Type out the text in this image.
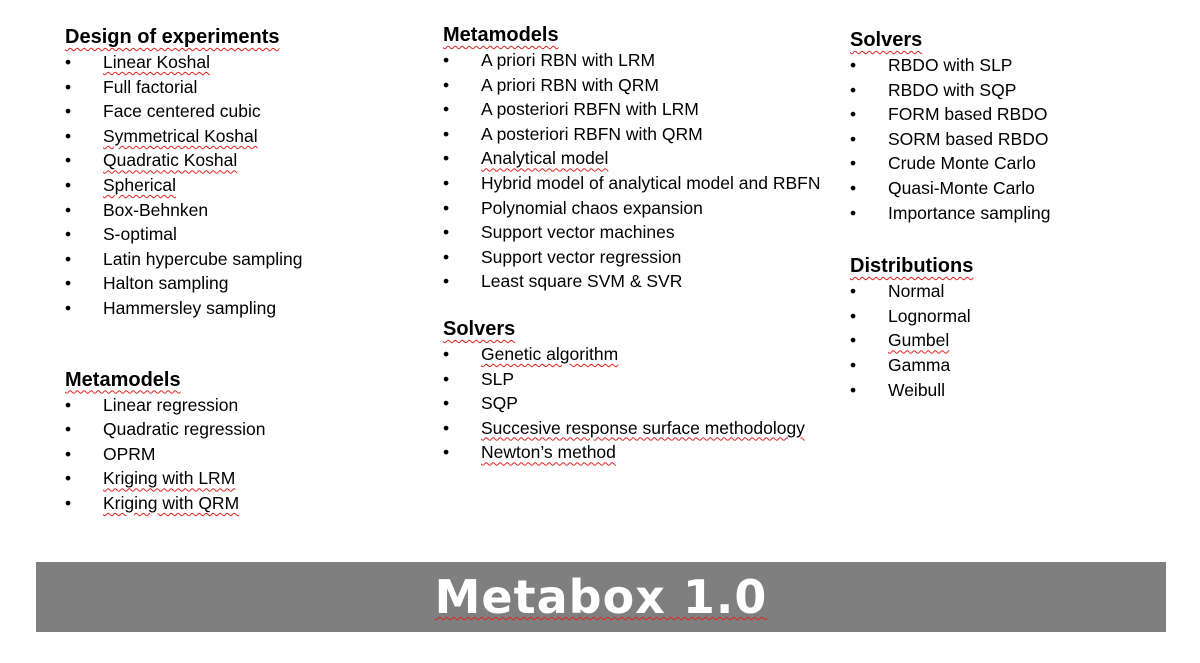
Design of experiments
• Linear Koshal
• Full factorial
• Face centered cubic
• Symmetrical Koshal
• Quadratic Koshal
• Spherical
• Box-Behnken
• S-optimal
• Latin hypercube sampling
• Halton sampling
• Hammersley sampling
Metamodels
• Linear regression
• Quadratic regression
• OPRM
• Kriging with LRM
• Kriging with QRM
Metamodels
• A priori RBN with LRM
• A priori RBN with QRM
• A posteriori RBFN with LRM
• A posteriori RBFN with QRM
• Analytical model
• Hybrid model of analytical model and RBFN
• Polynomial chaos expansion
• Support vector machines
• Support vector regression
• Least square SVM & SVR
Solvers
• Genetic algorithm
• SLP
• SQP
• Succesive response surface methodology
• Newton’s method
Solvers
• RBDO with SLP
• RBDO with SQP
• FORM based RBDO
• SORM based RBDO
• Crude Monte Carlo
• Quasi-Monte Carlo
• Importance sampling
Distributions
• Normal
• Lognormal
• Gumbel
• Gamma
• Weibull
Metabox 1.0
